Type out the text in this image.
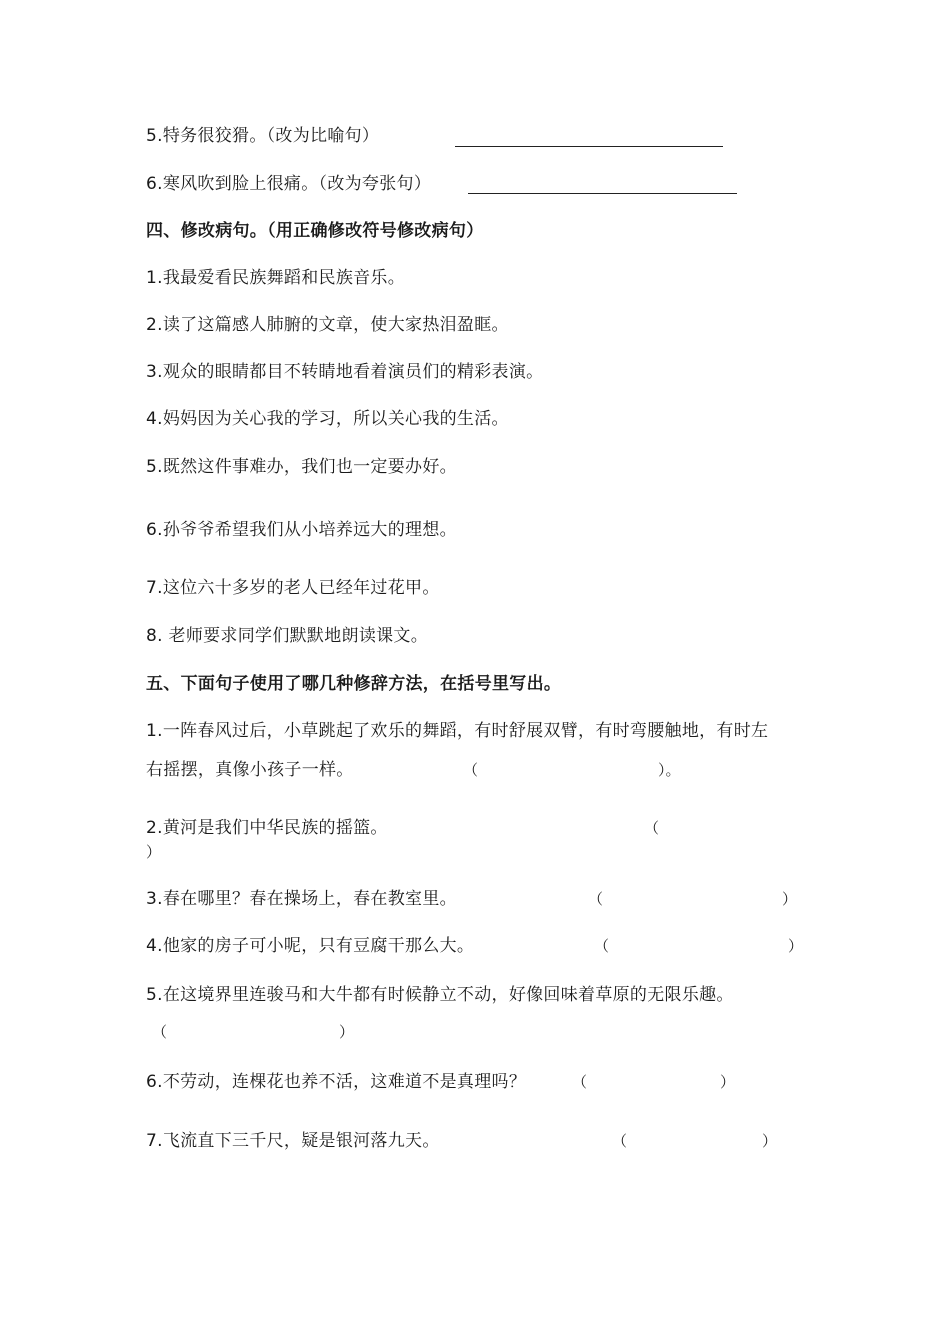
5.特务很狡猾。（改为比喻句）
6.寒风吹到脸上很痛。（改为夸张句）
四、修改病句。（用正确修改符号修改病句）
1.我最爱看民族舞蹈和民族音乐。
2.读了这篇感人肺腑的文章，使大家热泪盈眶。
3.观众的眼睛都目不转睛地看着演员们的精彩表演。
4.妈妈因为关心我的学习，所以关心我的生活。
5.既然这件事难办，我们也一定要办好。
6.孙爷爷希望我们从小培养远大的理想。
7.这位六十多岁的老人已经年过花甲。
8. 老师要求同学们默默地朗读课文。
五、下面句子使用了哪几种修辞方法，在括号里写出。
1.一阵春风过后，小草跳起了欢乐的舞蹈，有时舒展双臂，有时弯腰触地，有时左
右摇摆，真像小孩子一样。	（	）。
2.黄河是我们中华民族的摇篮。	（
）
3.春在哪里？春在操场上，春在教室里。	（	）
4.他家的房子可小呢，只有豆腐干那么大。	（	）
5.在这境界里连骏马和大牛都有时候静立不动，好像回味着草原的无限乐趣。
（	）
6.不劳动，连棵花也养不活，这难道不是真理吗？	（	）
7.飞流直下三千尺，疑是银河落九天。	（	）
